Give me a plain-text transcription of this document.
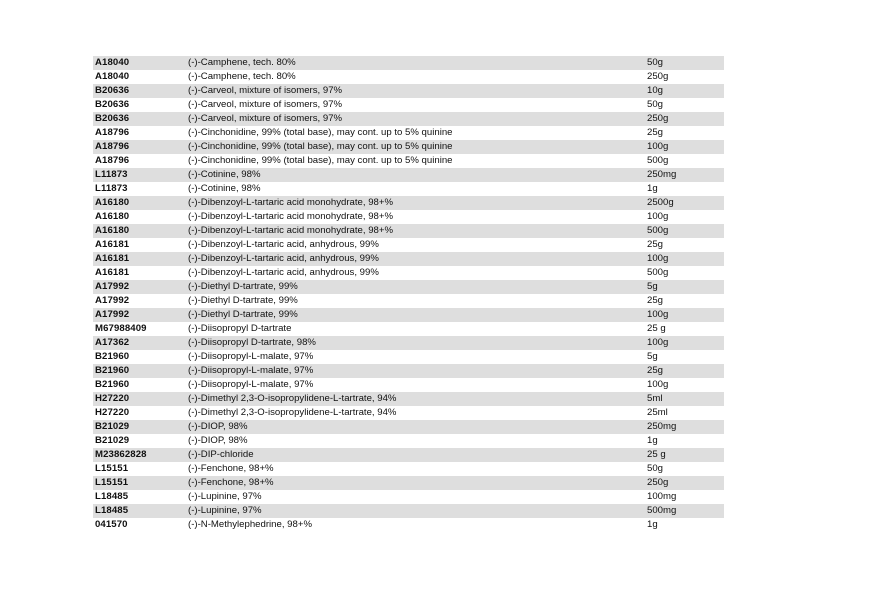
A18040	(-)-Camphene, tech. 80%	50g
A18040	(-)-Camphene, tech. 80%	250g
B20636	(-)-Carveol, mixture of isomers, 97%	10g
B20636	(-)-Carveol, mixture of isomers, 97%	50g
B20636	(-)-Carveol, mixture of isomers, 97%	250g
A18796	(-)-Cinchonidine, 99% (total base), may cont. up to 5% quinine	25g
A18796	(-)-Cinchonidine, 99% (total base), may cont. up to 5% quinine	100g
A18796	(-)-Cinchonidine, 99% (total base), may cont. up to 5% quinine	500g
L11873	(-)-Cotinine, 98%	250mg
L11873	(-)-Cotinine, 98%	1g
A16180	(-)-Dibenzoyl-L-tartaric acid monohydrate, 98+%	2500g
A16180	(-)-Dibenzoyl-L-tartaric acid monohydrate, 98+%	100g
A16180	(-)-Dibenzoyl-L-tartaric acid monohydrate, 98+%	500g
A16181	(-)-Dibenzoyl-L-tartaric acid, anhydrous, 99%	25g
A16181	(-)-Dibenzoyl-L-tartaric acid, anhydrous, 99%	100g
A16181	(-)-Dibenzoyl-L-tartaric acid, anhydrous, 99%	500g
A17992	(-)-Diethyl D-tartrate, 99%	5g
A17992	(-)-Diethyl D-tartrate, 99%	25g
A17992	(-)-Diethyl D-tartrate, 99%	100g
M67988409	(-)-Diisopropyl D-tartrate	25 g
A17362	(-)-Diisopropyl D-tartrate, 98%	100g
B21960	(-)-Diisopropyl-L-malate, 97%	5g
B21960	(-)-Diisopropyl-L-malate, 97%	25g
B21960	(-)-Diisopropyl-L-malate, 97%	100g
H27220	(-)-Dimethyl 2,3-O-isopropylidene-L-tartrate, 94%	5ml
H27220	(-)-Dimethyl 2,3-O-isopropylidene-L-tartrate, 94%	25ml
B21029	(-)-DIOP, 98%	250mg
B21029	(-)-DIOP, 98%	1g
M23862828	(-)-DIP-chloride	25 g
L15151	(-)-Fenchone, 98+%	50g
L15151	(-)-Fenchone, 98+%	250g
L18485	(-)-Lupinine, 97%	100mg
L18485	(-)-Lupinine, 97%	500mg
041570	(-)-N-Methylephedrine, 98+%	1g
